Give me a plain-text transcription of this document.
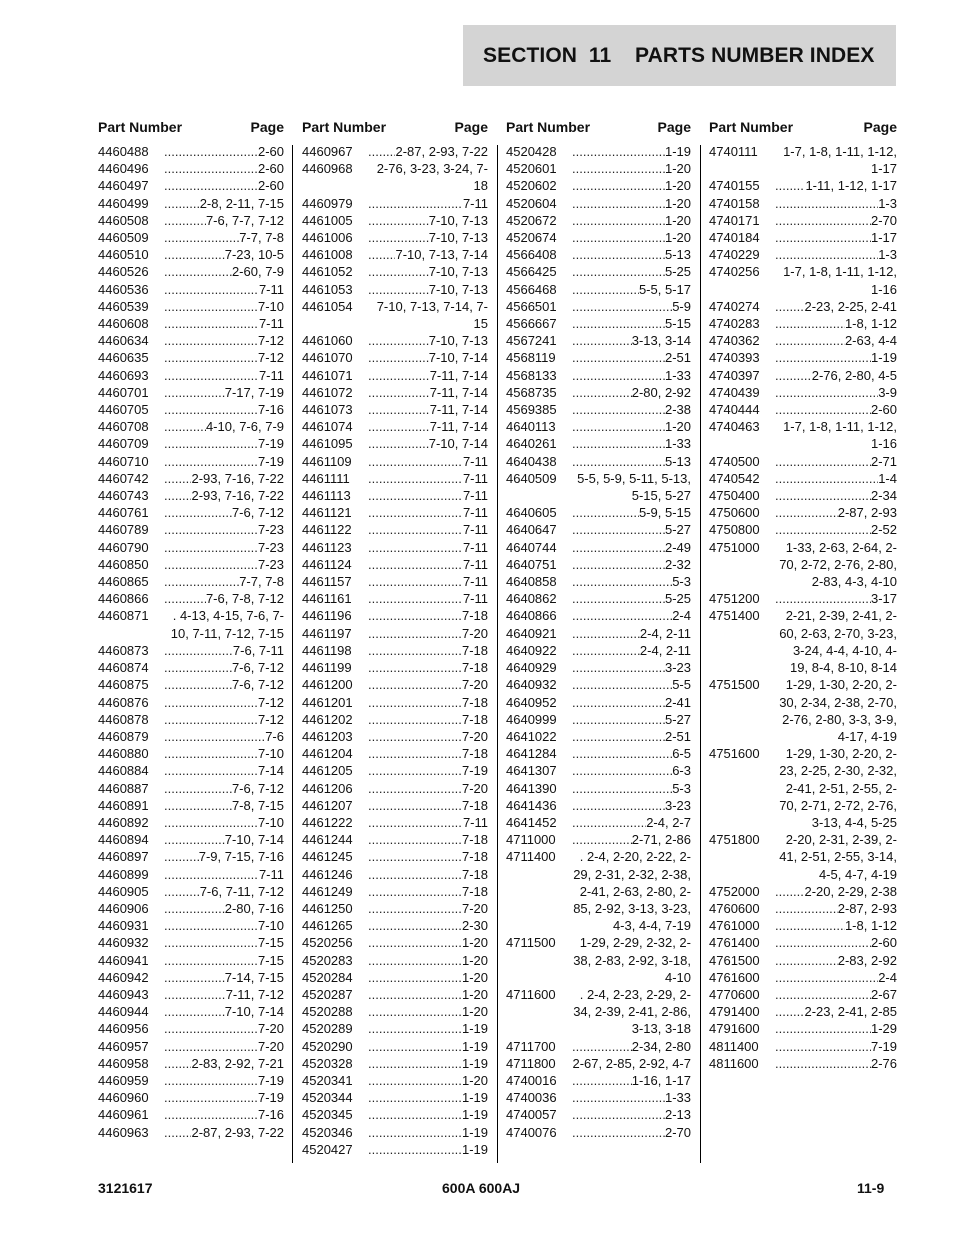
SECTION  11    PARTS NUMBER INDEX
Part Number	Page
4460488 .....	2-60
4460496 .....	2-60
4460497 .....	2-60
4460499 .....	2-8, 2-11, 7-15
4460508 .....	7-6, 7-7, 7-12
4460509 .....	7-7, 7-8
4460510 .....	7-23, 10-5
4460526 .....	2-60, 7-9
4460536 .....	7-11
4460539 .....	7-10
4460608 .....	7-11
4460634 .....	7-12
4460635 .....	7-12
4460693 .....	7-11
4460701 .....	7-17, 7-19
4460705 .....	7-16
4460708 .....	4-10, 7-6, 7-9
4460709 .....	7-19
4460710 .....	7-19
4460742 .....	2-93, 7-16, 7-22
4460743 .....	2-93, 7-16, 7-22
4460761 .....	7-6, 7-12
4460789 .....	7-23
4460790 .....	7-23
4460850 .....	7-23
4460865 .....	7-7, 7-8
4460866 .....	7-6, 7-8, 7-12
4460871	. 4-13, 4-15, 7-6, 7-10, 7-11, 7-12, 7-15
4460873 .....	7-6, 7-11
4460874 .....	7-6, 7-12
4460875 .....	7-6, 7-12
4460876 .....	7-12
4460878 .....	7-12
4460879 .....	7-6
4460880 .....	7-10
4460884 .....	7-14
4460887 .....	7-6, 7-12
4460891 .....	7-8, 7-15
4460892 .....	7-10
4460894 .....	7-10, 7-14
4460897 .....	7-9, 7-15, 7-16
4460899 .....	7-11
4460905 .....	7-6, 7-11, 7-12
4460906 .....	2-80, 7-16
4460931 .....	7-10
4460932 .....	7-15
4460941 .....	7-15
4460942 .....	7-14, 7-15
4460943 .....	7-11, 7-12
4460944 .....	7-10, 7-14
4460956 .....	7-20
4460957 .....	7-20
4460958 .....	2-83, 2-92, 7-21
4460959 .....	7-19
4460960 .....	7-19
4460961 .....	7-16
4460963 .....	2-87, 2-93, 7-22
Part Number	Page
4460967 .....	2-87, 2-93, 7-22
4460968	2-76, 3-23, 3-24, 7-18
4460979 .....	7-11
4461005 .....	7-10, 7-13
4461006 .....	7-10, 7-13
4461008 .....	7-10, 7-13, 7-14
4461052 .....	7-10, 7-13
4461053 .....	7-10, 7-13
4461054	7-10, 7-13, 7-14, 7-15
4461060 .....	7-10, 7-13
4461070 .....	7-10, 7-14
4461071 .....	7-11, 7-14
4461072 .....	7-11, 7-14
4461073 .....	7-11, 7-14
4461074 .....	7-11, 7-14
4461095 .....	7-10, 7-14
4461109 .....	7-11
4461111 .....	7-11
4461113 .....	7-11
4461121 .....	7-11
4461122 .....	7-11
4461123 .....	7-11
4461124 .....	7-11
4461157 .....	7-11
4461161 .....	7-11
4461196 .....	7-18
4461197 .....	7-20
4461198 .....	7-18
4461199 .....	7-18
4461200 .....	7-20
4461201 .....	7-18
4461202 .....	7-18
4461203 .....	7-20
4461204 .....	7-18
4461205 .....	7-19
4461206 .....	7-20
4461207 .....	7-18
4461222 .....	7-11
4461244 .....	7-18
4461245 .....	7-18
4461246 .....	7-18
4461249 .....	7-18
4461250 .....	7-20
4461265 .....	2-30
4520256 .....	1-20
4520283 .....	1-20
4520284 .....	1-20
4520287 .....	1-20
4520288 .....	1-20
4520289 .....	1-19
4520290 .....	1-19
4520328 .....	1-19
4520341 .....	1-20
4520344 .....	1-19
4520345 .....	1-19
4520346 .....	1-19
4520427 .....	1-19
Part Number	Page
4520428 .....	1-19
4520601 .....	1-20
4520602 .....	1-20
4520604 .....	1-20
4520672 .....	1-20
4520674 .....	1-20
4566408 .....	5-13
4566425 .....	5-25
4566468 .....	5-5, 5-17
4566501 .....	5-9
4566667 .....	5-15
4567241 .....	3-13, 3-14
4568119 .....	2-51
4568133 .....	1-33
4568735 .....	2-80, 2-92
4569385 .....	2-38
4640113 .....	1-20
4640261 .....	1-33
4640438 .....	5-13
4640509	5-5, 5-9, 5-11, 5-13, 5-15, 5-27
4640605 .....	5-9, 5-15
4640647 .....	5-27
4640744 .....	2-49
4640751 .....	2-32
4640858 .....	5-3
4640862 .....	5-25
4640866 .....	2-4
4640921 .....	2-4, 2-11
4640922 .....	2-4, 2-11
4640929 .....	3-23
4640932 .....	5-5
4640952 .....	2-41
4640999 .....	5-27
4641022 .....	2-51
4641284 .....	6-5
4641307 .....	6-3
4641390 .....	5-3
4641436 .....	3-23
4641452 .....	2-4, 2-7
4711000 .....	2-71, 2-86
4711400	. 2-4, 2-20, 2-22, 2-29, 2-31, 2-32, 2-38, 2-41, 2-63, 2-80, 2-85, 2-92, 3-13, 3-23, 4-3, 4-4, 7-19
4711500	1-29, 2-29, 2-32, 2-38, 2-83, 2-92, 3-18, 4-10
4711600	. 2-4, 2-23, 2-29, 2-34, 2-39, 2-41, 2-86, 3-13, 3-18
4711700 .....	2-34, 2-80
4711800	2-67, 2-85, 2-92, 4-7
4740016 .....	1-16, 1-17
4740036 .....	1-33
4740057 .....	2-13
4740076 .....	2-70
Part Number	Page
4740111	1-7, 1-8, 1-11, 1-12, 1-17
4740155 .....	1-11, 1-12, 1-17
4740158 .....	1-3
4740171 .....	2-70
4740184 .....	1-17
4740229 .....	1-3
4740256	1-7, 1-8, 1-11, 1-12, 1-16
4740274 .....	2-23, 2-25, 2-41
4740283 .....	1-8, 1-12
4740362 .....	2-63, 4-4
4740393 .....	1-19
4740397 .....	2-76, 2-80, 4-5
4740439 .....	3-9
4740444 .....	2-60
4740463	1-7, 1-8, 1-11, 1-12, 1-16
4740500 .....	2-71
4740542 .....	1-4
4750400 .....	2-34
4750600 .....	2-87, 2-93
4750800 .....	2-52
4751000	1-33, 2-63, 2-64, 2-70, 2-72, 2-76, 2-80, 2-83, 4-3, 4-10
4751200 .....	3-17
4751400	2-21, 2-39, 2-41, 2-60, 2-63, 2-70, 3-23, 3-24, 4-4, 4-10, 4-19, 8-4, 8-10, 8-14
4751500	1-29, 1-30, 2-20, 2-30, 2-34, 2-38, 2-70, 2-76, 2-80, 3-3, 3-9, 4-17, 4-19
4751600	1-29, 1-30, 2-20, 2-23, 2-25, 2-30, 2-32, 2-41, 2-51, 2-55, 2-70, 2-71, 2-72, 2-76, 3-13, 4-4, 5-25
4751800	2-20, 2-31, 2-39, 2-41, 2-51, 2-55, 3-14, 4-5, 4-7, 4-19
4752000 .....	2-20, 2-29, 2-38
4760600 .....	2-87, 2-93
4761000 .....	1-8, 1-12
4761400 .....	2-60
4761500 .....	2-83, 2-92
4761600 .....	2-4
4770600 .....	2-67
4791400 .....	2-23, 2-41, 2-85
4791600 .....	1-29
4811400 .....	7-19
4811600 .....	2-76
3121617	600A 600AJ	11-9
